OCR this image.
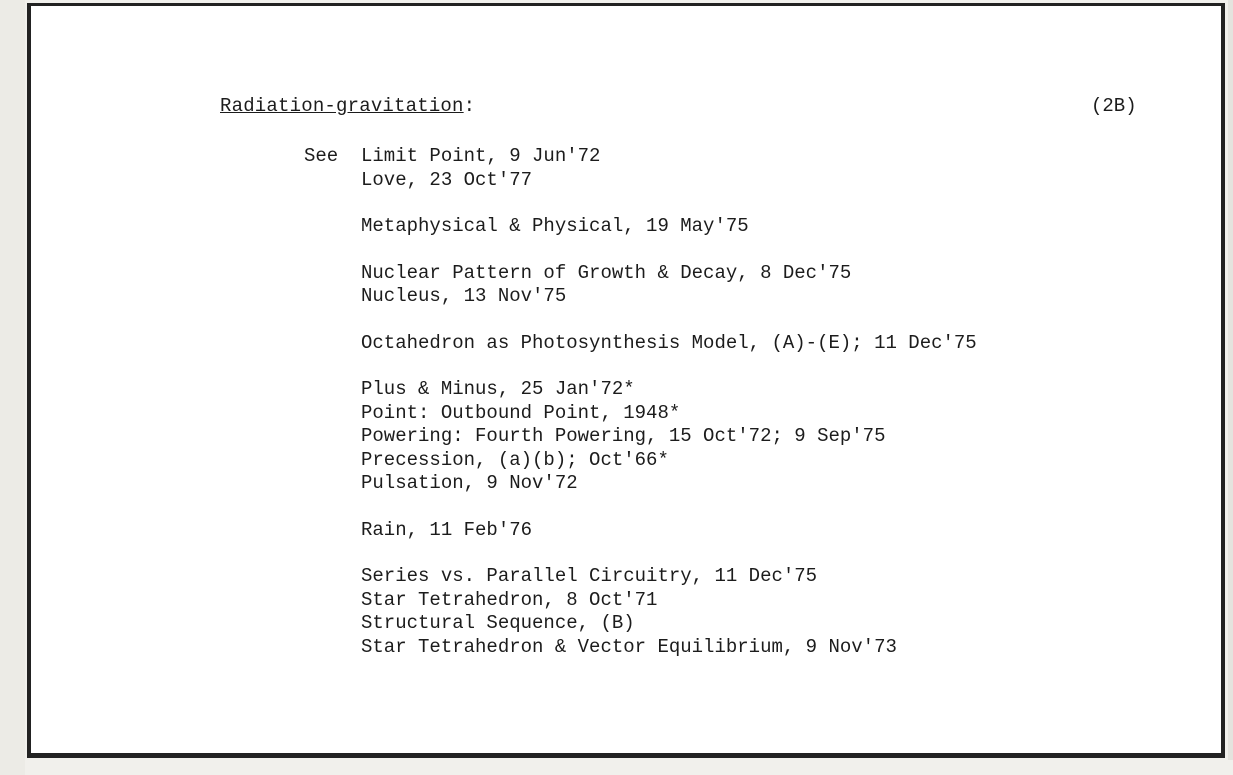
Radiation-gravitation:	(2B)
See Limit Point, 9 Jun'72
Love, 23 Oct'77
Metaphysical & Physical, 19 May'75
Nuclear Pattern of Growth & Decay, 8 Dec'75
Nucleus, 13 Nov'75
Octahedron as Photosynthesis Model, (A)-(E); 11 Dec'75
Plus & Minus, 25 Jan'72*
Point: Outbound Point, 1948*
Powering: Fourth Powering, 15 Oct'72; 9 Sep'75
Precession, (a)(b); Oct'66*
Pulsation, 9 Nov'72
Rain, 11 Feb'76
Series vs. Parallel Circuitry, 11 Dec'75
Star Tetrahedron, 8 Oct'71
Structural Sequence, (B)
Star Tetrahedron & Vector Equilibrium, 9 Nov'73
